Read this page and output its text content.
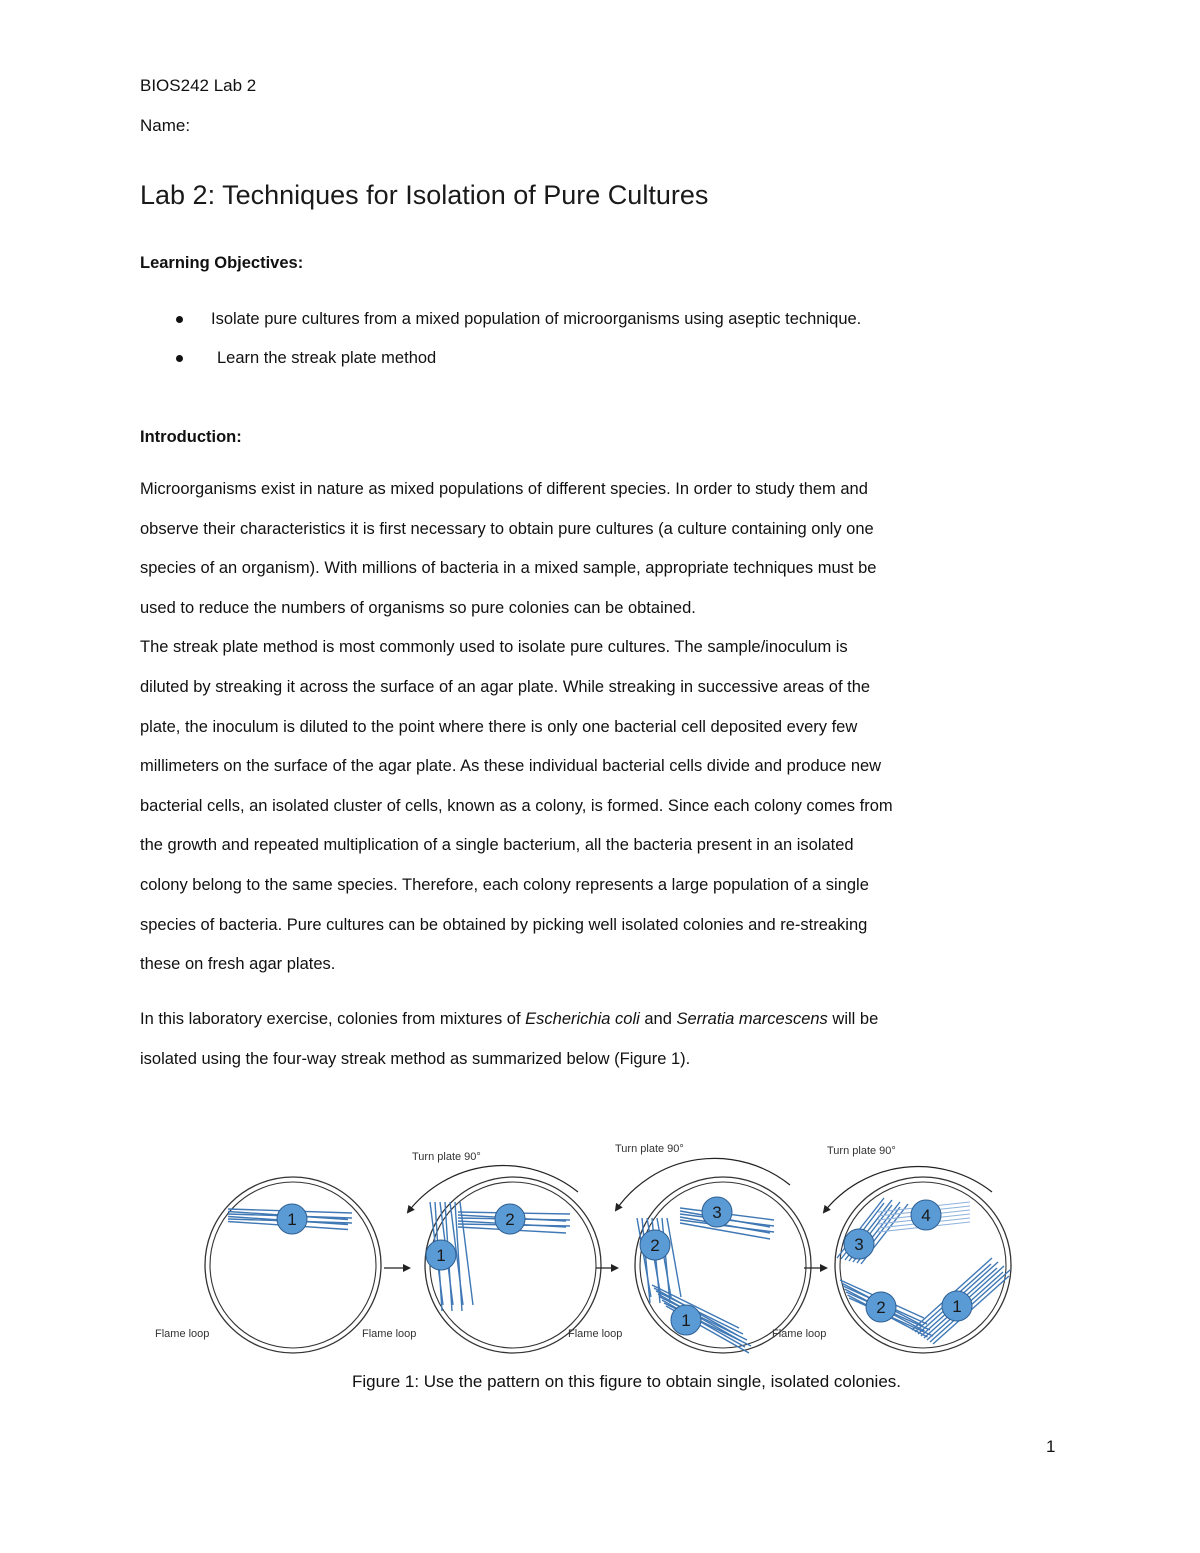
BIOS242 Lab 2
Name:
Lab 2: Techniques for Isolation of Pure Cultures
Learning Objectives:
Isolate pure cultures from a mixed population of microorganisms using aseptic technique.
Learn the streak plate method
Introduction:
Microorganisms exist in nature as mixed populations of different species. In order to study them and
observe their characteristics it is first necessary to obtain pure cultures (a culture containing only one
species of an organism). With millions of bacteria in a mixed sample, appropriate techniques must be
used to reduce the numbers of organisms so pure colonies can be obtained.
The streak plate method is most commonly used to isolate pure cultures. The sample/inoculum is
diluted by streaking it across the surface of an agar plate. While streaking in successive areas of the
plate, the inoculum is diluted to the point where there is only one bacterial cell deposited every few
millimeters on the surface of the agar plate. As these individual bacterial cells divide and produce new
bacterial cells, an isolated cluster of cells, known as a colony, is formed. Since each colony comes from
the growth and repeated multiplication of a single bacterium, all the bacteria present in an isolated
colony belong to the same species. Therefore, each colony represents a large population of a single
species of bacteria. Pure cultures can be obtained by picking well isolated colonies and re-streaking
these on fresh agar plates.
In this laboratory exercise, colonies from mixtures of Escherichia coli and Serratia marcescens will be
isolated using the four-way streak method as summarized below (Figure 1).
1
1
2
2
3
1
3
4
2	1
Flame loop	Flame loop	Flame loop	Flame loop
Turn plate 90°
Turn plate 90°	Turn plate 90°
Figure 1: Use the pattern on this figure to obtain single, isolated colonies.
1
